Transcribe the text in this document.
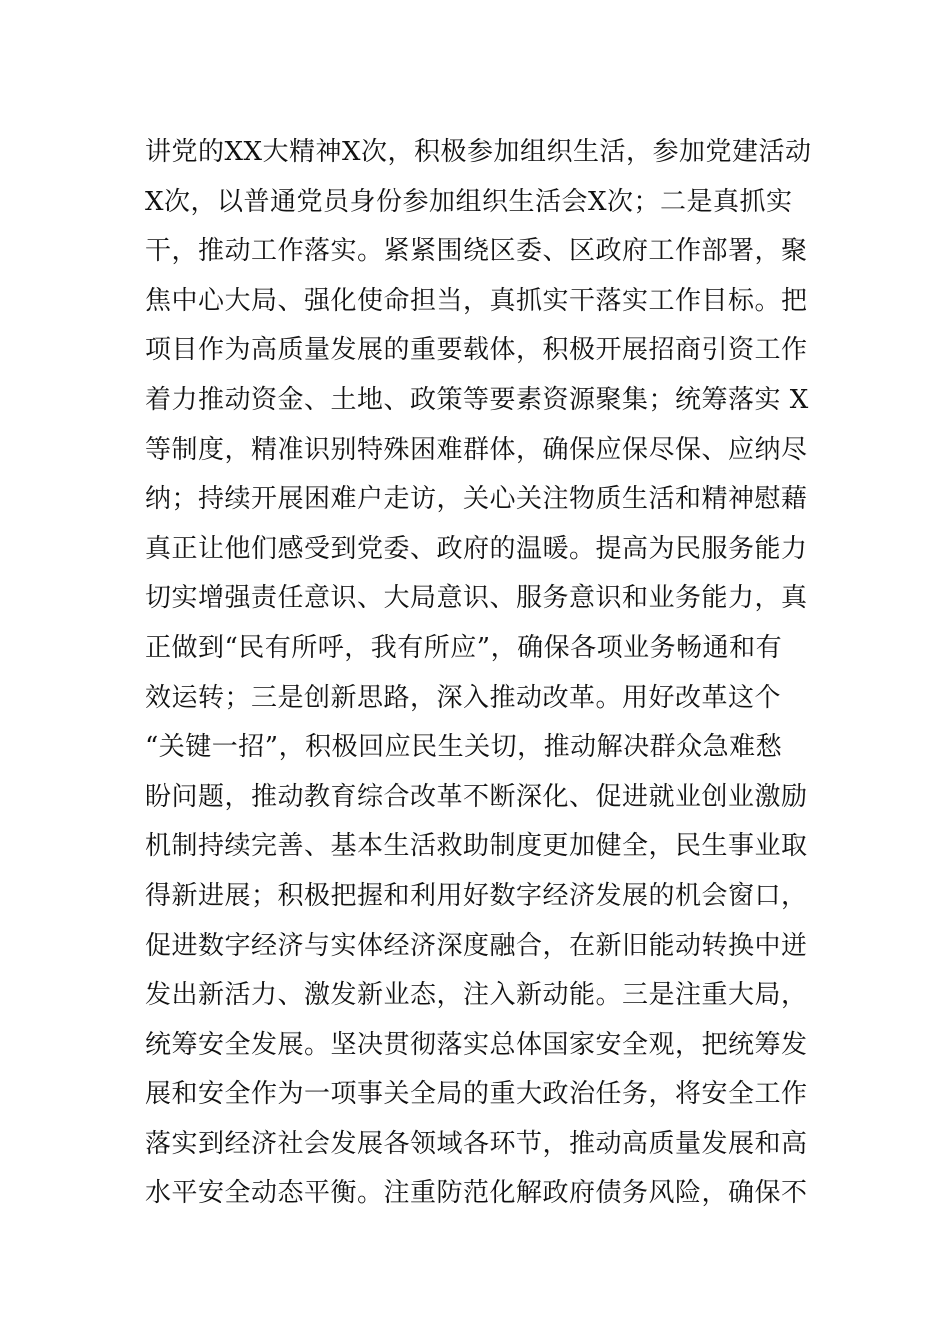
讲党的XX大精神X次，积极参加组织生活，参加党建活动
X次，以普通党员身份参加组织生活会X次；二是真抓实
干，推动工作落实。紧紧围绕区委、区政府工作部署，聚
焦中心大局、强化使命担当，真抓实干落实工作目标。把
项目作为高质量发展的重要载体，积极开展招商引资工作
着力推动资金、土地、政策等要素资源聚集；统筹落实 X
等制度，精准识别特殊困难群体，确保应保尽保、应纳尽
纳；持续开展困难户走访，关心关注物质生活和精神慰藉
真正让他们感受到党委、政府的温暖。提高为民服务能力
切实增强责任意识、大局意识、服务意识和业务能力，真
正做到“民有所呼，我有所应”，确保各项业务畅通和有
效运转；三是创新思路，深入推动改革。用好改革这个
“关键一招”，积极回应民生关切，推动解决群众急难愁
盼问题，推动教育综合改革不断深化、促进就业创业激励
机制持续完善、基本生活救助制度更加健全，民生事业取
得新进展；积极把握和利用好数字经济发展的机会窗口，
促进数字经济与实体经济深度融合，在新旧能动转换中迸
发出新活力、激发新业态，注入新动能。三是注重大局，
统筹安全发展。坚决贯彻落实总体国家安全观，把统筹发
展和安全作为一项事关全局的重大政治任务，将安全工作
落实到经济社会发展各领域各环节，推动高质量发展和高
水平安全动态平衡。注重防范化解政府债务风险，确保不
